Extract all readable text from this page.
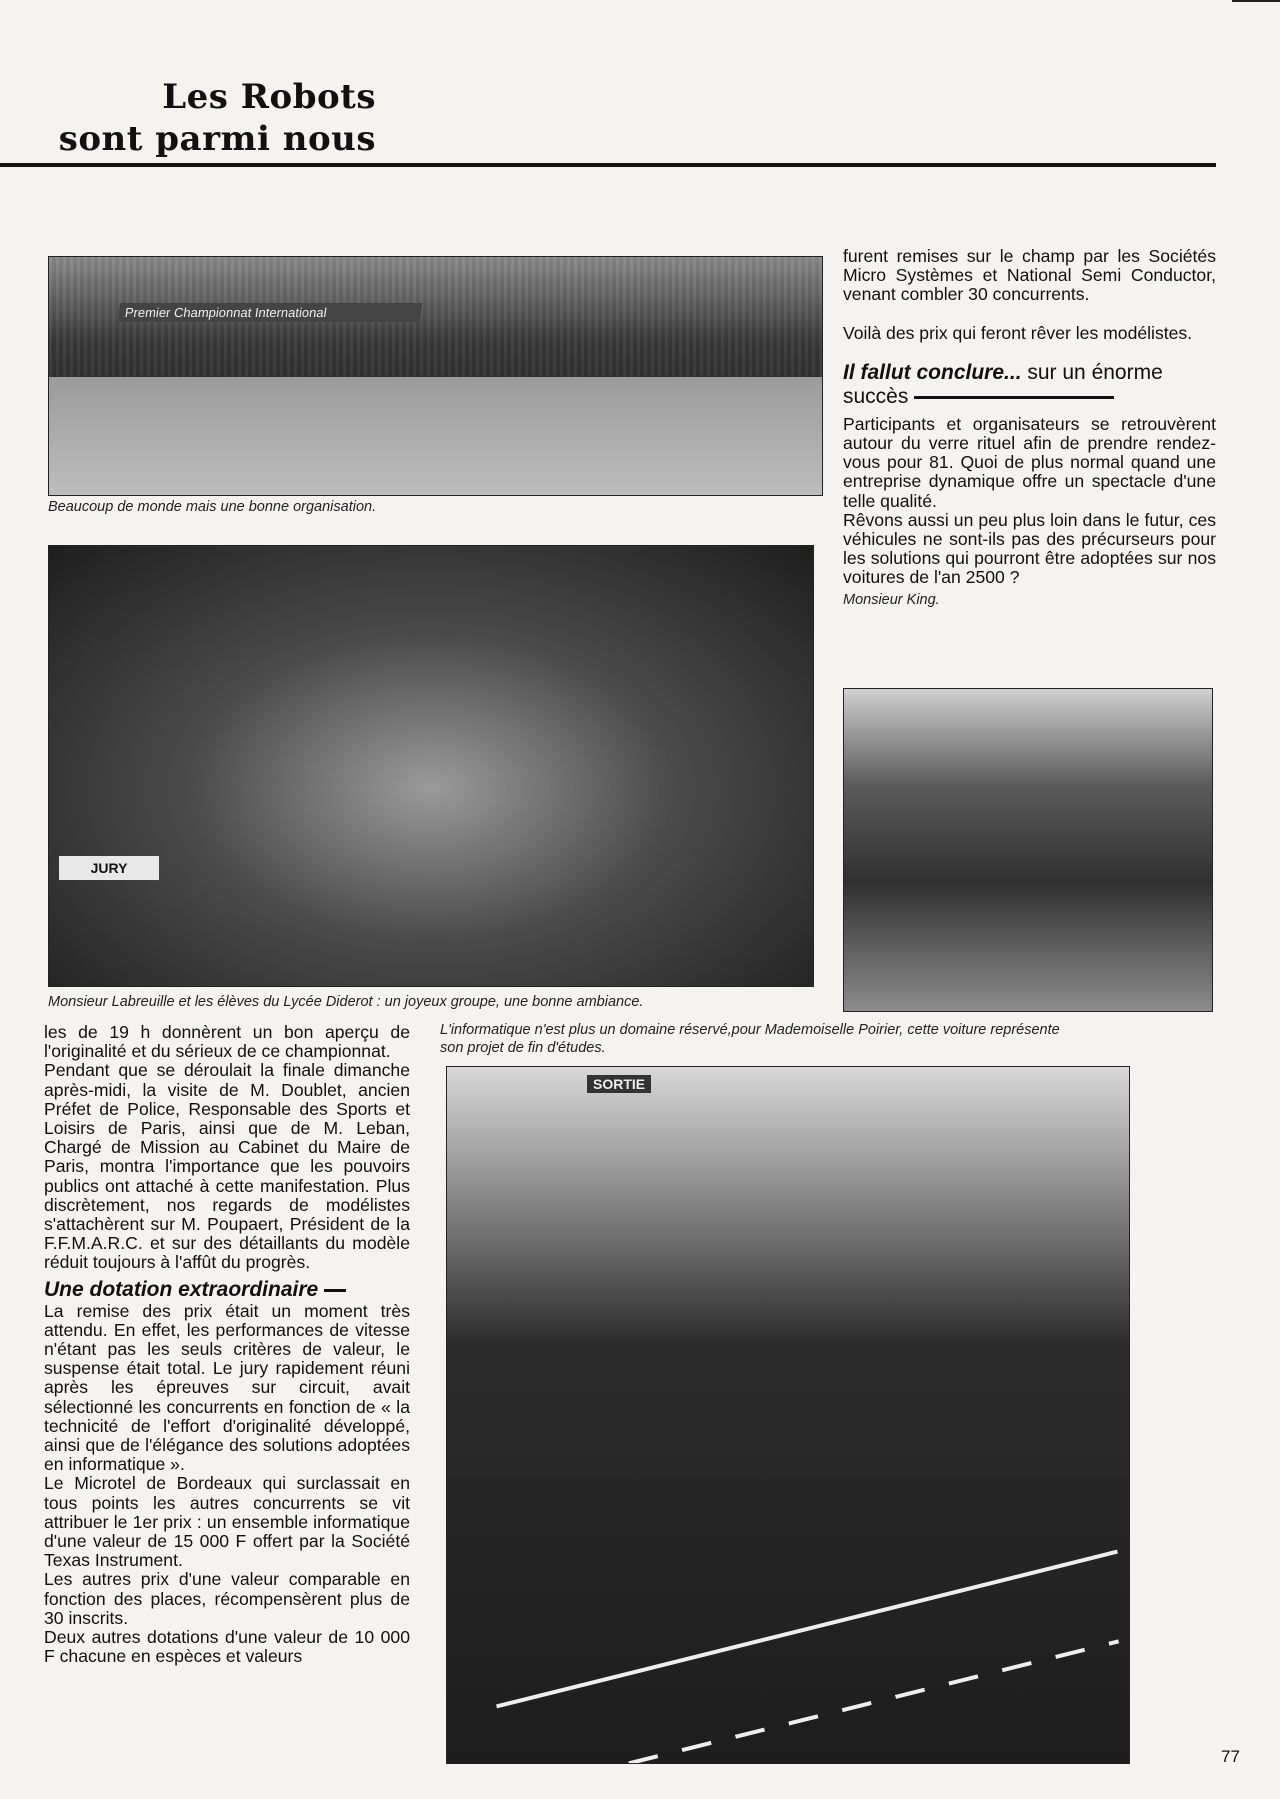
Les Robots
sont parmi nous
Premier Championnat International
Beaucoup de monde mais une bonne organisation.
JURY
Monsieur Labreuille et les élèves du Lycée Diderot : un joyeux groupe, une bonne ambiance.

furent remises sur le champ par les Sociétés Micro Systèmes et National Semi Conductor, venant combler 30 concurrents.

Voilà des prix qui feront rêver les modélistes.

Il fallut conclure... sur un énorme succès

Participants et organisateurs se retrouvèrent autour du verre rituel afin de prendre rendez-vous pour 81. Quoi de plus normal quand une entreprise dynamique offre un spectacle d'une telle qualité.

Rêvons aussi un peu plus loin dans le futur, ces véhicules ne sont-ils pas des précurseurs pour les solutions qui pourront être adoptées sur nos voitures de l'an 2500 ?

Monsieur King.
L'informatique n'est plus un domaine réservé,pour Mademoiselle Poirier, cette voiture représente
son projet de fin d'études.
SORTIE

les de 19 h donnèrent un bon aperçu de l'originalité et du sérieux de ce championnat.

Pendant que se déroulait la finale dimanche après-midi, la visite de M. Doublet, ancien Préfet de Police, Responsable des Sports et Loisirs de Paris, ainsi que de M. Leban, Chargé de Mission au Cabinet du Maire de Paris, montra l'importance que les pouvoirs publics ont attaché à cette manifestation. Plus discrètement, nos regards de modélistes s'attachèrent sur M. Poupaert, Président de la F.F.M.A.R.C. et sur des détaillants du modèle réduit toujours à l'affût du progrès.

Une dotation extraordinaire

La remise des prix était un moment très attendu. En effet, les performances de vitesse n'étant pas les seuls critères de valeur, le suspense était total. Le jury rapidement réuni après les épreuves sur circuit, avait sélectionné les concurrents en fonction de « la technicité de l'effort d'originalité développé, ainsi que de l'élégance des solutions adoptées en informatique ».

Le Microtel de Bordeaux qui surclassait en tous points les autres concurrents se vit attribuer le 1er prix : un ensemble informatique d'une valeur de 15 000 F offert par la Société Texas Instrument.

Les autres prix d'une valeur comparable en fonction des places, récompensèrent plus de 30 inscrits.

Deux autres dotations d'une valeur de 10 000 F chacune en espèces et valeurs

77
